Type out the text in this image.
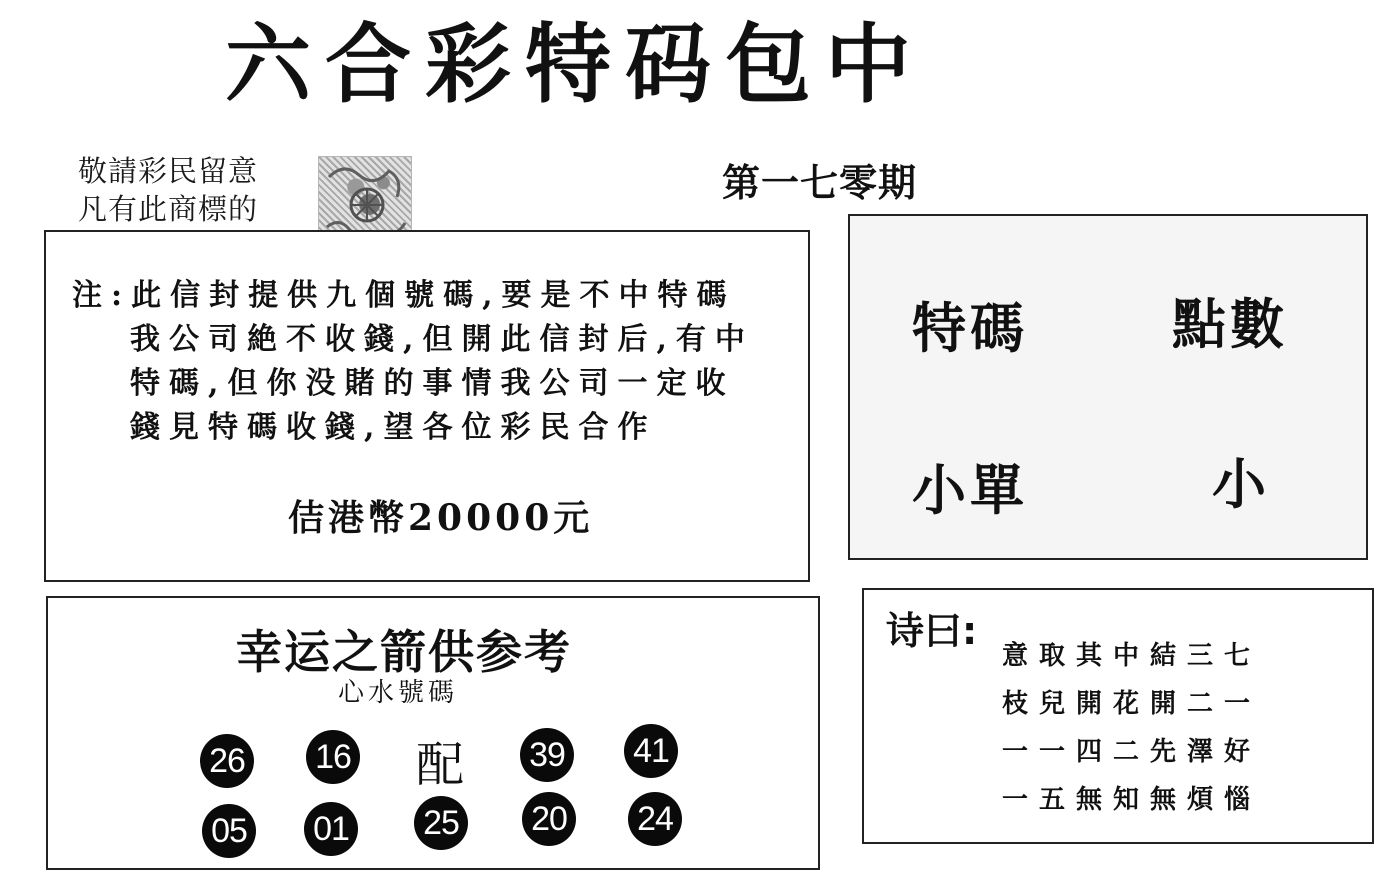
六合彩特码包中
敬請彩民留意
凡有此商標的
第一七零期
注:此信封提供九個號碼,要是不中特碼
我公司絶不收錢,但開此信封后,有中
特碼,但你没賭的事情我公司一定收
錢見特碼收錢,望各位彩民合作
佶港幣20000元
特碼	點數
小單	小
幸运之箭供参考
心水號碼
26 16 配 39 41
05 01 25 20 24
诗曰:
意取其中結三七
枝兒開花開二一
一一四二先澤好
一五無知無煩惱
